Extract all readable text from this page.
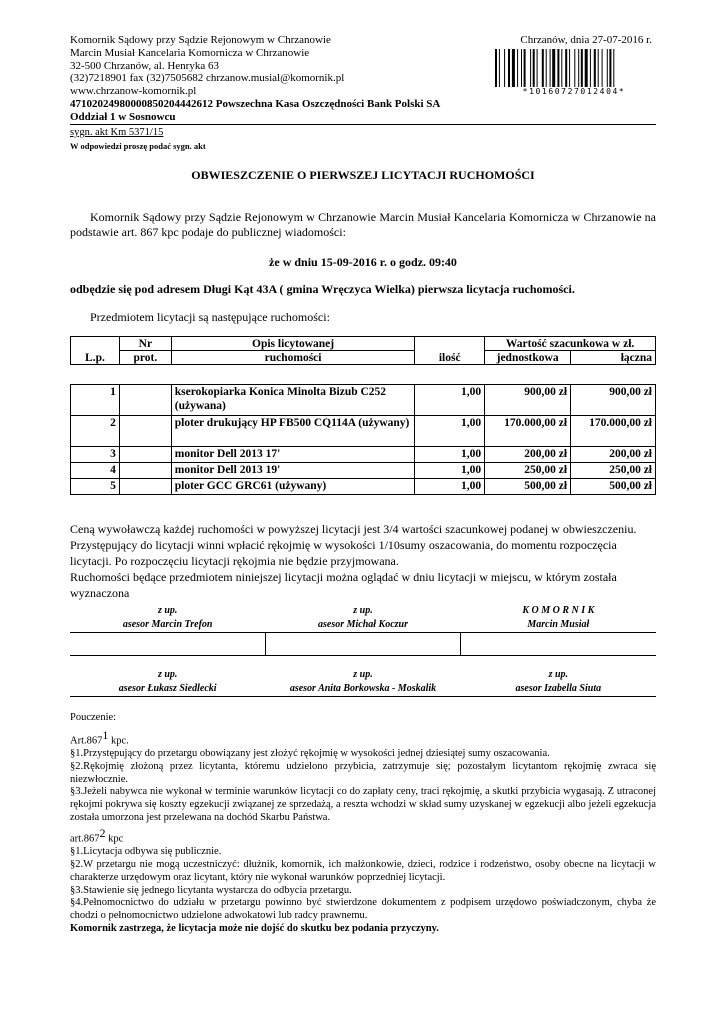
Komornik Sądowy przy Sądzie Rejonowym w Chrzanowie
Marcin Musiał Kancelaria Komornicza w Chrzanowie
32-500 Chrzanów, al. Henryka 63
(32)7218901 fax (32)7505682 chrzanow.musial@komornik.pl
www.chrzanow-komornik.pl
47102024980000850204442612 Powszechna Kasa Oszczędności Bank Polski SA
Oddział 1 w Sosnowcu
Chrzanów, dnia 27-07-2016 r.
*10160727012404*
sygn. akt Km 5371/15
W odpowiedzi proszę podać sygn. akt
OBWIESZCZENIE O PIERWSZEJ LICYTACJI RUCHOMOŚCI
Komornik Sądowy przy Sądzie Rejonowym w Chrzanowie Marcin Musiał Kancelaria Komornicza w Chrzanowie na podstawie art. 867 kpc podaje do publicznej wiadomości:
że w dniu 15-09-2016 r. o godz. 09:40
odbędzie się pod adresem Długi Kąt 43A ( gmina Wręczyca Wielka) pierwsza licytacja ruchomości.
Przedmiotem licytacji są następujące ruchomości:
L.p.	Nr	Opis licytowanej	ilość	Wartość szacunkowa w zł.	
	prot.	ruchomości		jednostkowa	łączna
1		kserokopiarka Konica Minolta Bizub C252 (używana)	1,00	900,00 zł	900,00 zł
2		ploter drukujący HP FB500 CQ114A (używany)	1,00	170.000,00 zł	170.000,00 zł
3		monitor Dell 2013 17'	1,00	200,00 zł	200,00 zł
4		monitor Dell 2013 19'	1,00	250,00 zł	250,00 zł
5		ploter GCC GRC61 (używany)	1,00	500,00 zł	500,00 zł
Ceną wywoławczą każdej ruchomości w powyższej licytacji jest 3/4 wartości szacunkowej podanej w obwieszczeniu.
Przystępujący do licytacji winni wpłacić rękojmię w wysokości 1/10sumy oszacowania, do momentu rozpoczęcia licytacji. Po rozpoczęciu licytacji rękojmia nie będzie przyjmowana.
Ruchomości będące przedmiotem niniejszej licytacji można oglądać w dniu licytacji w miejscu, w którym została wyznaczona
z up.	z up.	K O M O R N I K
asesor Marcin Trefon	asesor Michał Koczur	Marcin Musiał

z up.	z up.	z up.
asesor Łukasz Siedlecki	asesor Anita Borkowska - Moskalik	asesor Izabella Siuta
Pouczenie:
Art.867$^1$ kpc.
§1.Przystępujący do przetargu obowiązany jest złożyć rękojmię w wysokości jednej dziesiątej sumy oszacowania.
§2.Rękojmię złożoną przez licytanta, któremu udzielono przybicia, zatrzymuje się; pozostałym licytantom rękojmię zwraca się niezwłocznie.
§3.Jeżeli nabywca nie wykonał w terminie warunków licytacji co do zapłaty ceny, traci rękojmię, a skutki przybicia wygasają. Z utraconej rękojmi pokrywa się koszty egzekucji związanej ze sprzedażą, a reszta wchodzi w skład sumy uzyskanej w egzekucji albo jeżeli egzekucja została umorzona jest przelewana na dochód Skarbu Państwa.
art.867$^2$ kpc
§1.Licytacja odbywa się publicznie.
§2.W przetargu nie mogą uczestniczyć: dłużnik, komornik, ich małżonkowie, dzieci, rodzice i rodzeństwo, osoby obecne na licytacji w charakterze urzędowym oraz licytant, który nie wykonał warunków poprzedniej licytacji.
§3.Stawienie się jednego licytanta wystarcza do odbycia przetargu.
§4.Pełnomocnictwo do udziału w przetargu powinno być stwierdzone dokumentem z podpisem urzędowo poświadczonym, chyba że chodzi o pełnomocnictwo udzielone adwokatowi lub radcy prawnemu.
Komornik zastrzega, że licytacja może nie dojść do skutku bez podania przyczyny.
